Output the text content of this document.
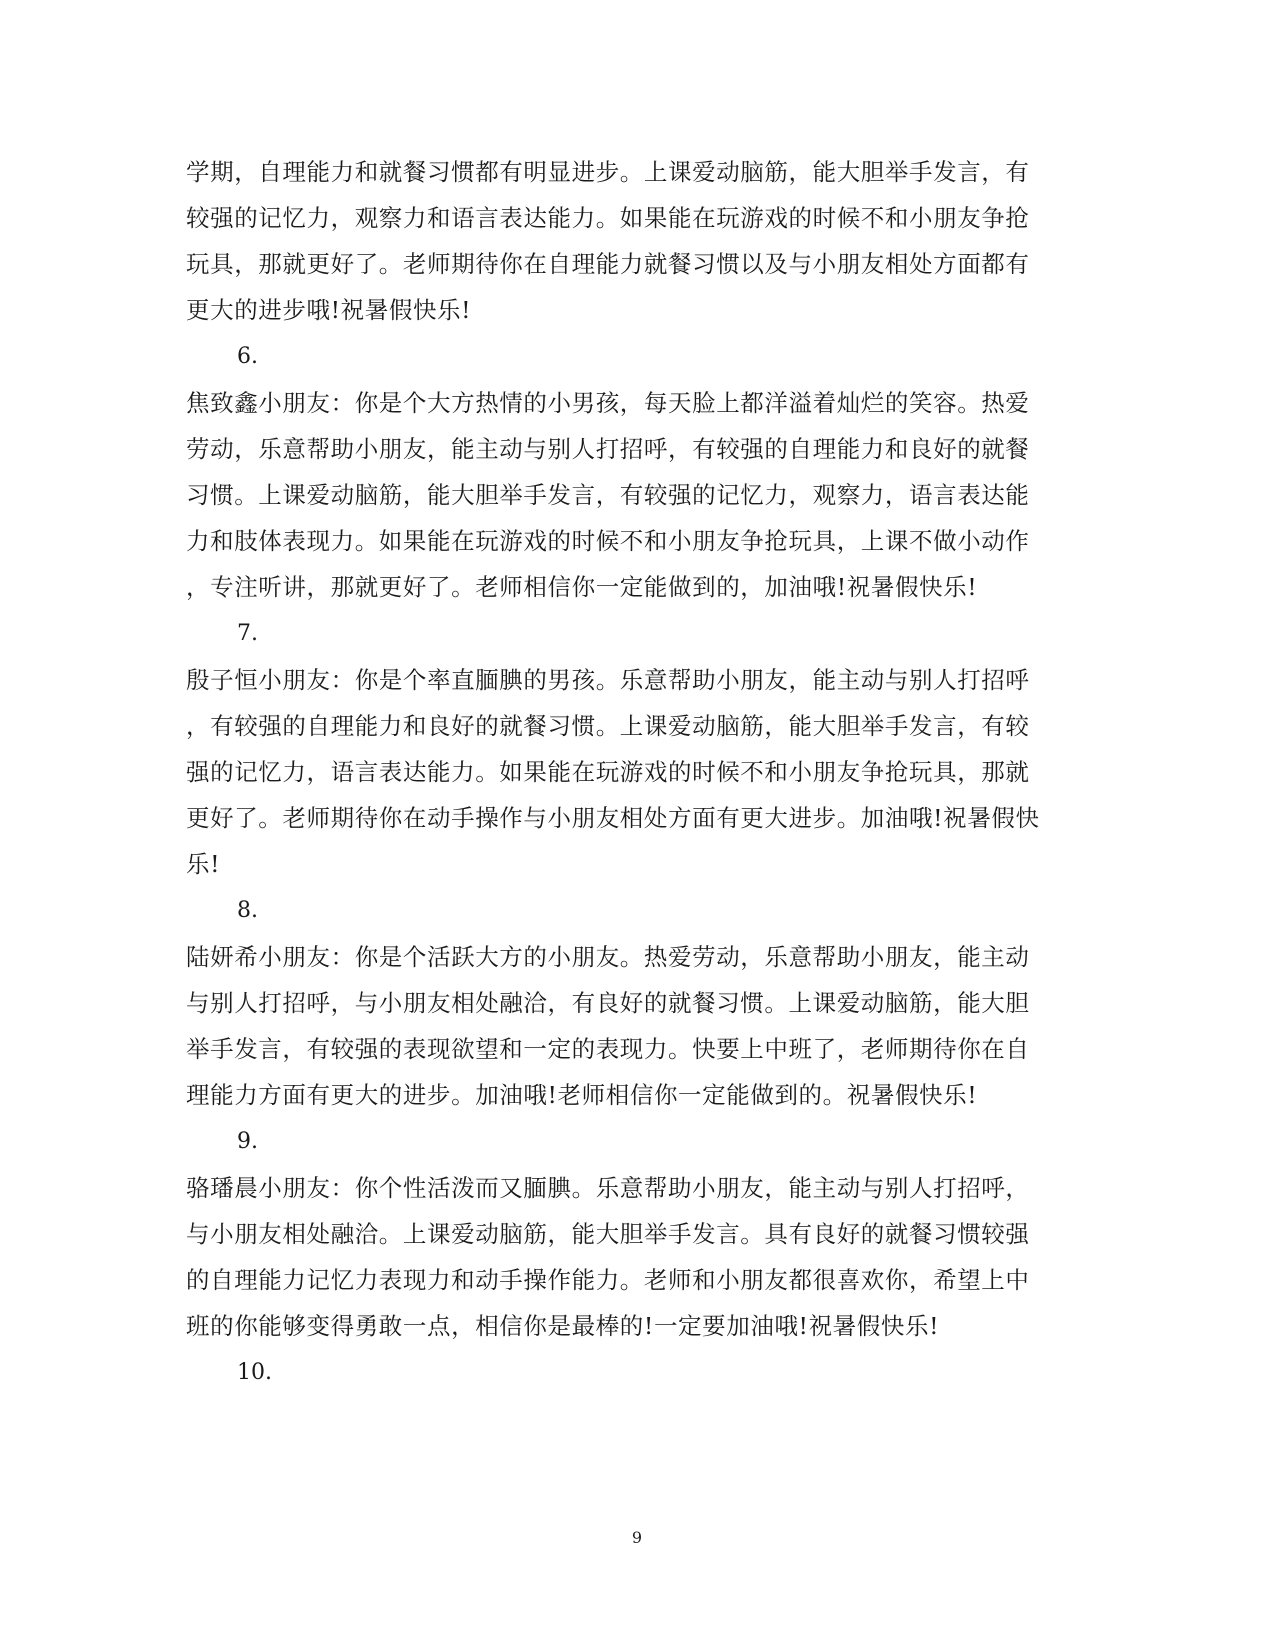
学期，自理能力和就餐习惯都有明显进步。上课爱动脑筋，能大胆举手发言，有
较强的记忆力，观察力和语言表达能力。如果能在玩游戏的时候不和小朋友争抢
玩具，那就更好了。老师期待你在自理能力就餐习惯以及与小朋友相处方面都有
更大的进步哦!祝暑假快乐!
6.
焦致鑫小朋友：你是个大方热情的小男孩，每天脸上都洋溢着灿烂的笑容。热爱
劳动，乐意帮助小朋友，能主动与别人打招呼，有较强的自理能力和良好的就餐
习惯。上课爱动脑筋，能大胆举手发言，有较强的记忆力，观察力，语言表达能
力和肢体表现力。如果能在玩游戏的时候不和小朋友争抢玩具，上课不做小动作
，专注听讲，那就更好了。老师相信你一定能做到的，加油哦!祝暑假快乐!
7.
殷子恒小朋友：你是个率直腼腆的男孩。乐意帮助小朋友，能主动与别人打招呼
，有较强的自理能力和良好的就餐习惯。上课爱动脑筋，能大胆举手发言，有较
强的记忆力，语言表达能力。如果能在玩游戏的时候不和小朋友争抢玩具，那就
更好了。老师期待你在动手操作与小朋友相处方面有更大进步。加油哦!祝暑假快
乐!
8.
陆妍希小朋友：你是个活跃大方的小朋友。热爱劳动，乐意帮助小朋友，能主动
与别人打招呼，与小朋友相处融洽，有良好的就餐习惯。上课爱动脑筋，能大胆
举手发言，有较强的表现欲望和一定的表现力。快要上中班了，老师期待你在自
理能力方面有更大的进步。加油哦!老师相信你一定能做到的。祝暑假快乐!
9.
骆璠晨小朋友：你个性活泼而又腼腆。乐意帮助小朋友，能主动与别人打招呼，
与小朋友相处融洽。上课爱动脑筋，能大胆举手发言。具有良好的就餐习惯较强
的自理能力记忆力表现力和动手操作能力。老师和小朋友都很喜欢你，希望上中
班的你能够变得勇敢一点，相信你是最棒的!一定要加油哦!祝暑假快乐!
10.
9
